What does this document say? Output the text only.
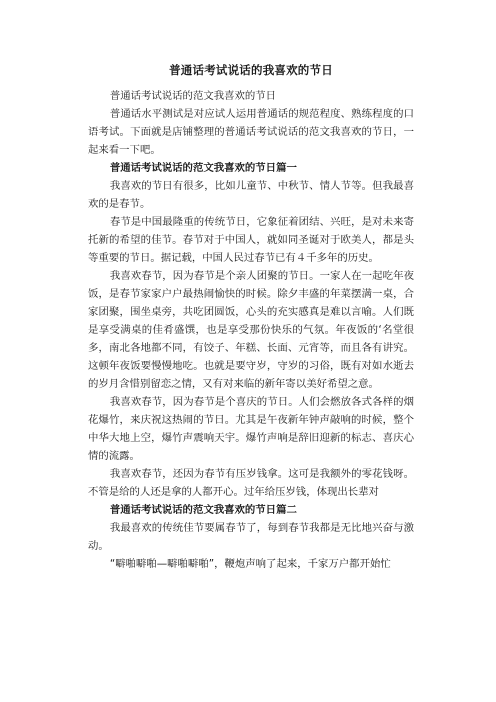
普通话考试说话的我喜欢的节日

普通话考试说话的范文我喜欢的节日

普通话水平测试是对应试人运用普通话的规范程度、熟练程度的口语考试。下面就是店铺整理的普通话考试说话的范文我喜欢的节日，一起来看一下吧。

普通话考试说话的范文我喜欢的节日篇一

我喜欢的节日有很多，比如儿童节、中秋节、情人节等。但我最喜欢的是春节。

春节是中国最隆重的传统节日，它象征着团结、兴旺，是对未来寄托新的希望的佳节。春节对于中国人，就如同圣诞对于欧美人，都是头等重要的节日。据记载，中国人民过春节已有４千多年的历史。

我喜欢春节，因为春节是个亲人团聚的节日。一家人在一起吃年夜饭，是春节家家户户最热闹愉快的时候。除夕丰盛的年菜摆满一桌，合家团聚，围坐桌旁，共吃团圆饭，心头的充实感真是难以言喻。人们既是享受满桌的佳肴盛馔，也是享受那份快乐的气氛。年夜饭的‘名堂很多，南北各地都不同，有饺子、年糕、长面、元宵等，而且各有讲究。这顿年夜饭要慢慢地吃。也就是要守岁，守岁的习俗，既有对如水逝去的岁月含惜别留恋之情，又有对来临的新年寄以美好希望之意。

我喜欢春节，因为春节是个喜庆的节日。人们会燃放各式各样的烟花爆竹，来庆祝这热闹的节日。尤其是午夜新年钟声敲响的时候，整个中华大地上空，爆竹声震响天宇。爆竹声响是辞旧迎新的标志、喜庆心情的流露。

我喜欢春节，还因为春节有压岁钱拿。这可是我额外的零花钱呀。不管是给的人还是拿的人都开心。过年给压岁钱，体现出长辈对

普通话考试说话的范文我喜欢的节日篇二

我最喜欢的传统佳节要属春节了，每到春节我都是无比地兴奋与激动。

“噼啪噼啪—噼啪噼啪”，鞭炮声响了起来，千家万户都开始忙
